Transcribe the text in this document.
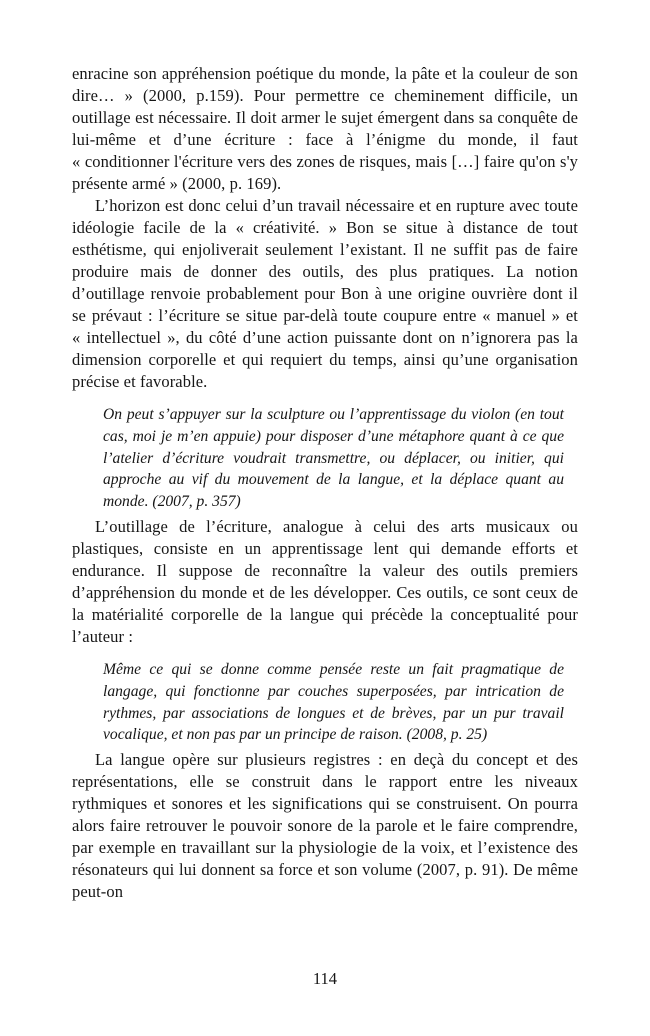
enracine son appréhension poétique du monde, la pâte et la couleur de son dire… » (2000, p.159). Pour permettre ce cheminement difficile, un outillage est nécessaire. Il doit armer le sujet émergent dans sa conquête de lui-même et d’une écriture : face à l’énigme du monde, il faut « conditionner l'écriture vers des zones de risques, mais […] faire qu'on s'y présente armé » (2000, p. 169).

L’horizon est donc celui d’un travail nécessaire et en rupture avec toute idéologie facile de la « créativité. » Bon se situe à distance de tout esthétisme, qui enjoliverait seulement l’existant. Il ne suffit pas de faire produire mais de donner des outils, des plus pratiques. La notion d’outillage renvoie probablement pour Bon à une origine ouvrière dont il se prévaut : l’écriture se situe par-delà toute coupure entre « manuel » et « intellectuel », du côté d’une action puissante dont on n’ignorera pas la dimension corporelle et qui requiert du temps, ainsi qu’une organisation précise et favorable.

On peut s’appuyer sur la sculpture ou l’apprentissage du violon (en tout cas, moi je m’en appuie) pour disposer d’une métaphore quant à ce que l’atelier d’écriture voudrait transmettre, ou déplacer, ou initier, qui approche au vif du mouvement de la langue, et la déplace quant au monde. (2007, p. 357)

L’outillage de l’écriture, analogue à celui des arts musicaux ou plastiques, consiste en un apprentissage lent qui demande efforts et endurance. Il suppose de reconnaître la valeur des outils premiers d’appréhension du monde et de les développer. Ces outils, ce sont ceux de la matérialité corporelle de la langue qui précède la conceptualité pour l’auteur :

Même ce qui se donne comme pensée reste un fait pragmatique de langage, qui fonctionne par couches superposées, par intrication de rythmes, par associations de longues et de brèves, par un pur travail vocalique, et non pas par un principe de raison. (2008, p. 25)

La langue opère sur plusieurs registres : en deçà du concept et des représentations, elle se construit dans le rapport entre les niveaux rythmiques et sonores et les significations qui se construisent. On pourra alors faire retrouver le pouvoir sonore de la parole et le faire comprendre, par exemple en travaillant sur la physiologie de la voix, et l’existence des résonateurs qui lui donnent sa force et son volume (2007, p. 91). De même peut-on

114
